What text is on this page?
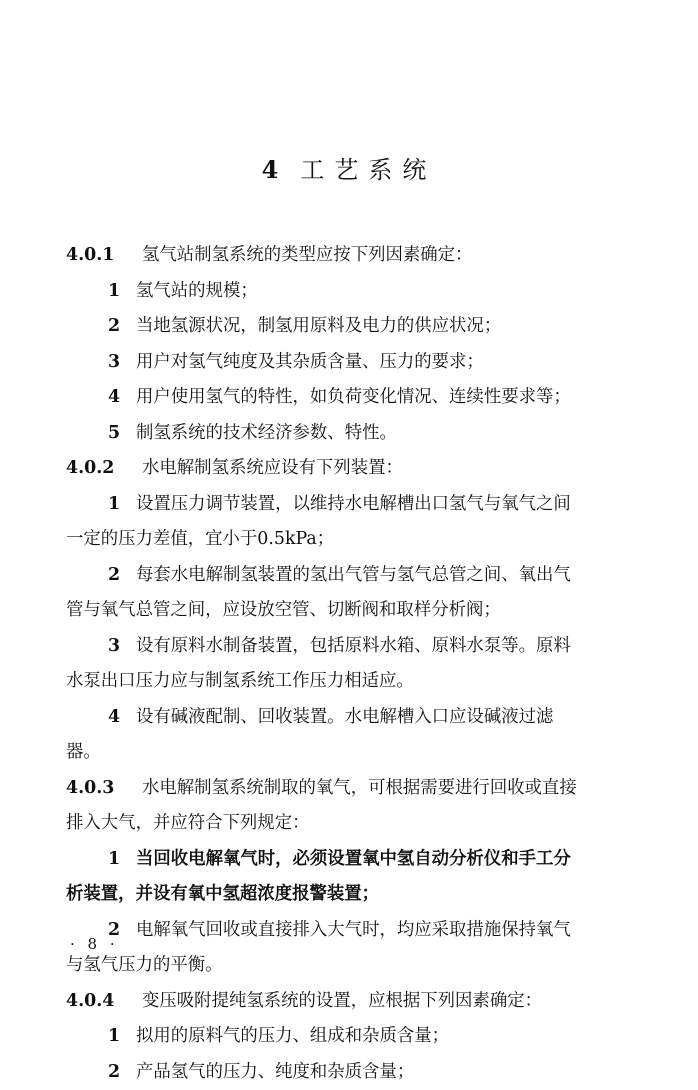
4 工艺系统
4.0.1 氢气站制氢系统的类型应按下列因素确定：
1 氢气站的规模；
2 当地氢源状况，制氢用原料及电力的供应状况；
3 用户对氢气纯度及其杂质含量、压力的要求；
4 用户使用氢气的特性，如负荷变化情况、连续性要求等；
5 制氢系统的技术经济参数、特性。
4.0.2 水电解制氢系统应设有下列装置：
1 设置压力调节装置，以维持水电解槽出口氢气与氧气之间
一定的压力差值，宜小于0.5kPa；
2 每套水电解制氢装置的氢出气管与氢气总管之间、氧出气
管与氧气总管之间，应设放空管、切断阀和取样分析阀；
3 设有原料水制备装置，包括原料水箱、原料水泵等。原料
水泵出口压力应与制氢系统工作压力相适应。
4 设有碱液配制、回收装置。水电解槽入口应设碱液过滤
器。
4.0.3 水电解制氢系统制取的氧气，可根据需要进行回收或直接
排入大气，并应符合下列规定：
1 当回收电解氧气时，必须设置氧中氢自动分析仪和手工分
析装置，并设有氧中氢超浓度报警装置；
2 电解氧气回收或直接排入大气时，均应采取措施保持氧气
与氢气压力的平衡。
4.0.4 变压吸附提纯氢系统的设置，应根据下列因素确定：
1 拟用的原料气的压力、组成和杂质含量；
2 产品氢气的压力、纯度和杂质含量；
· 8 ·
